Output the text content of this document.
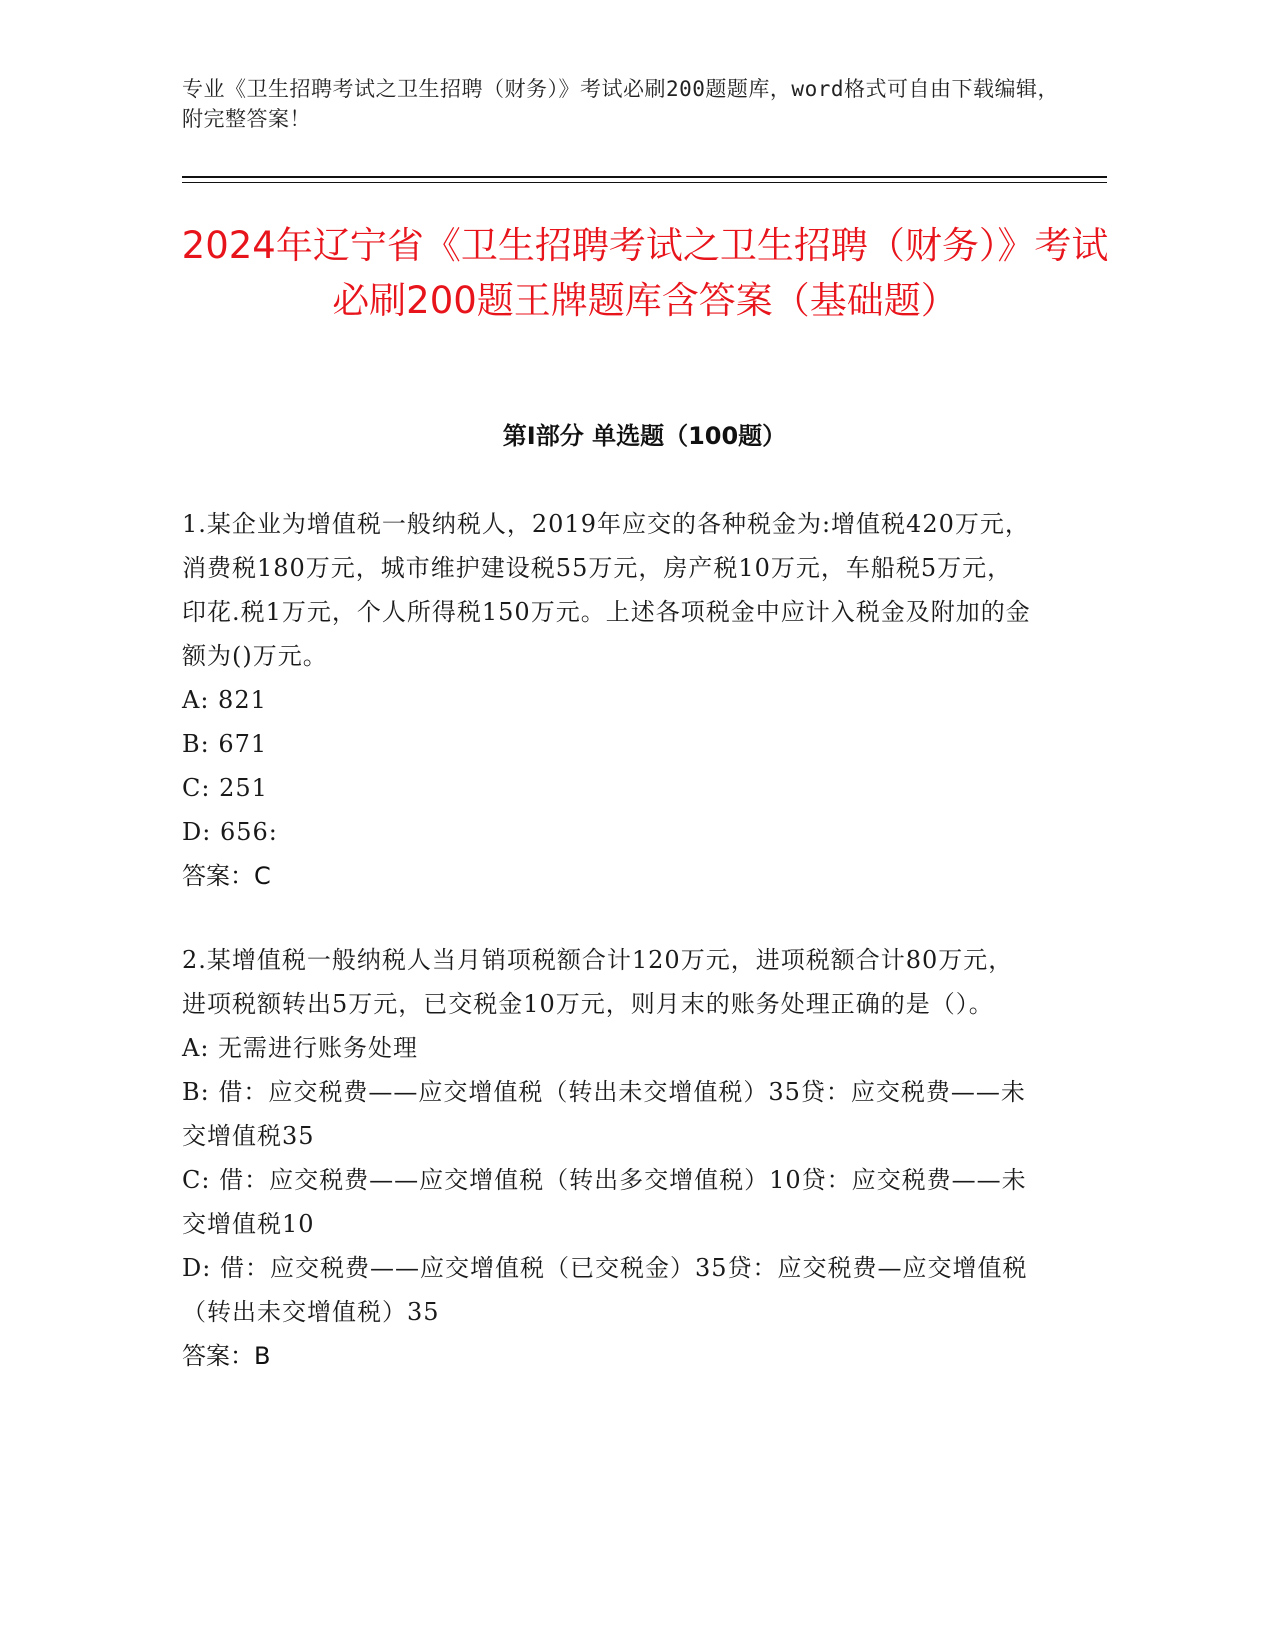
专业《卫生招聘考试之卫生招聘（财务）》考试必刷200题题库，word格式可自由下载编辑，附完整答案！
2024年辽宁省《卫生招聘考试之卫生招聘（财务）》考试必刷200题王牌题库含答案（基础题）
第Ⅰ部分 单选题（100题）

1.某企业为增值税一般纳税人，2019年应交的各种税金为:增值税420万元，消费税180万元，城市维护建设税55万元，房产税10万元，车船税5万元，印花.税1万元，个人所得税150万元。上述各项税金中应计入税金及附加的金额为()万元。

A: 821

B: 671

C: 251

D: 656:

答案：C

2.某增值税一般纳税人当月销项税额合计120万元，进项税额合计80万元，进项税额转出5万元，已交税金10万元，则月末的账务处理正确的是（）。

A: 无需进行账务处理

B: 借：应交税费——应交增值税（转出未交增值税）35贷：应交税费——未交增值税35

C: 借：应交税费——应交增值税（转出多交增值税）10贷：应交税费——未交增值税10

D: 借：应交税费——应交增值税（已交税金）35贷：应交税费—应交增值税（转出未交增值税）35

答案：B
